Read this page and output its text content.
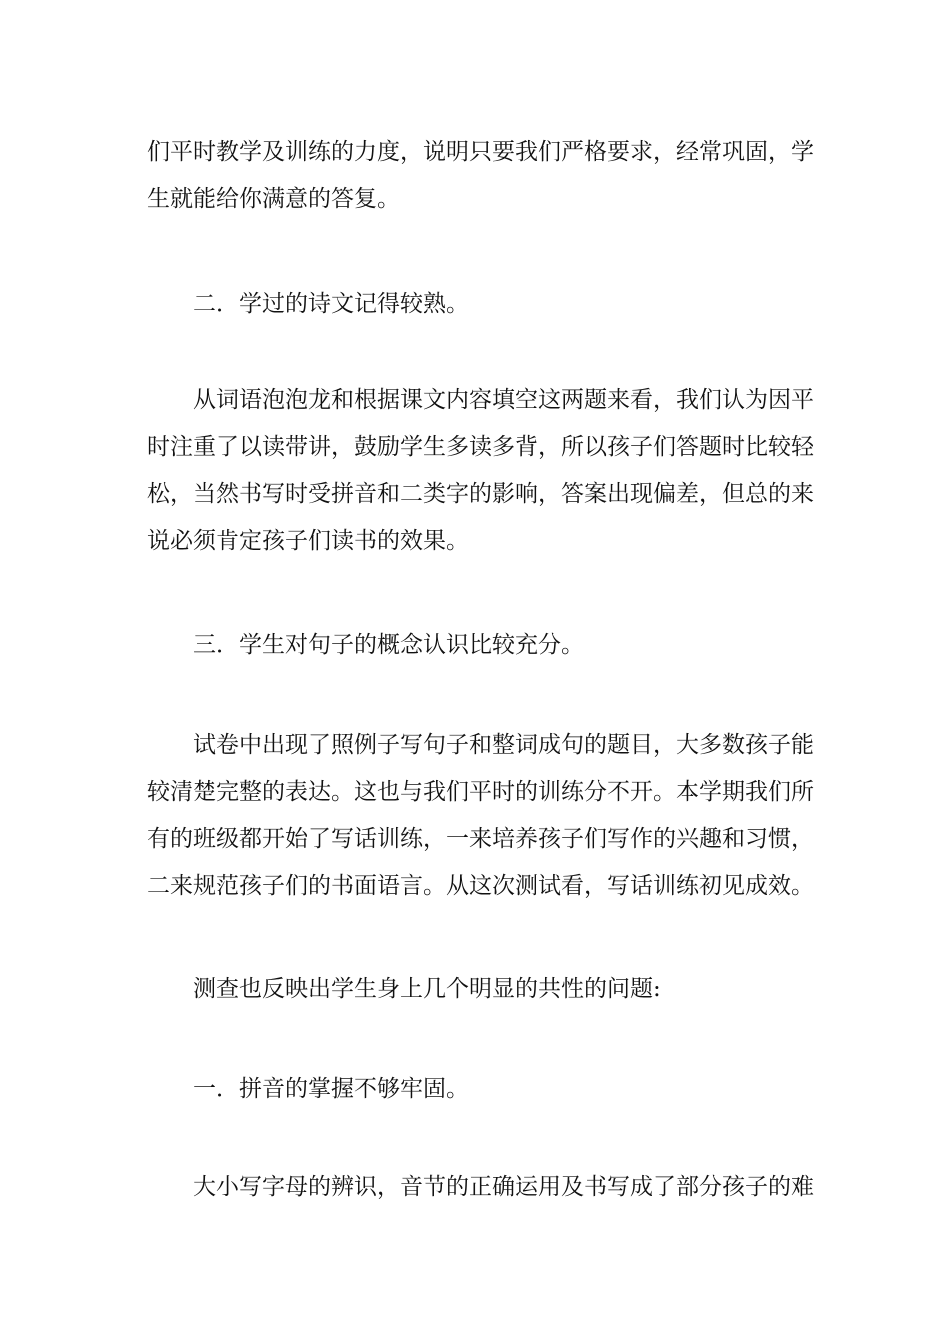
们平时教学及训练的力度，说明只要我们严格要求，经常巩固，学
生就能给你满意的答复。
二．学过的诗文记得较熟。
从词语泡泡龙和根据课文内容填空这两题来看，我们认为因平
时注重了以读带讲，鼓励学生多读多背，所以孩子们答题时比较轻
松，当然书写时受拼音和二类字的影响，答案出现偏差，但总的来
说必须肯定孩子们读书的效果。
三．学生对句子的概念认识比较充分。
试卷中出现了照例子写句子和整词成句的题目，大多数孩子能
较清楚完整的表达。这也与我们平时的训练分不开。本学期我们所
有的班级都开始了写话训练，一来培养孩子们写作的兴趣和习惯，
二来规范孩子们的书面语言。从这次测试看，写话训练初见成效。
测查也反映出学生身上几个明显的共性的问题:
一．拼音的掌握不够牢固。
大小写字母的辨识，音节的正确运用及书写成了部分孩子的难
